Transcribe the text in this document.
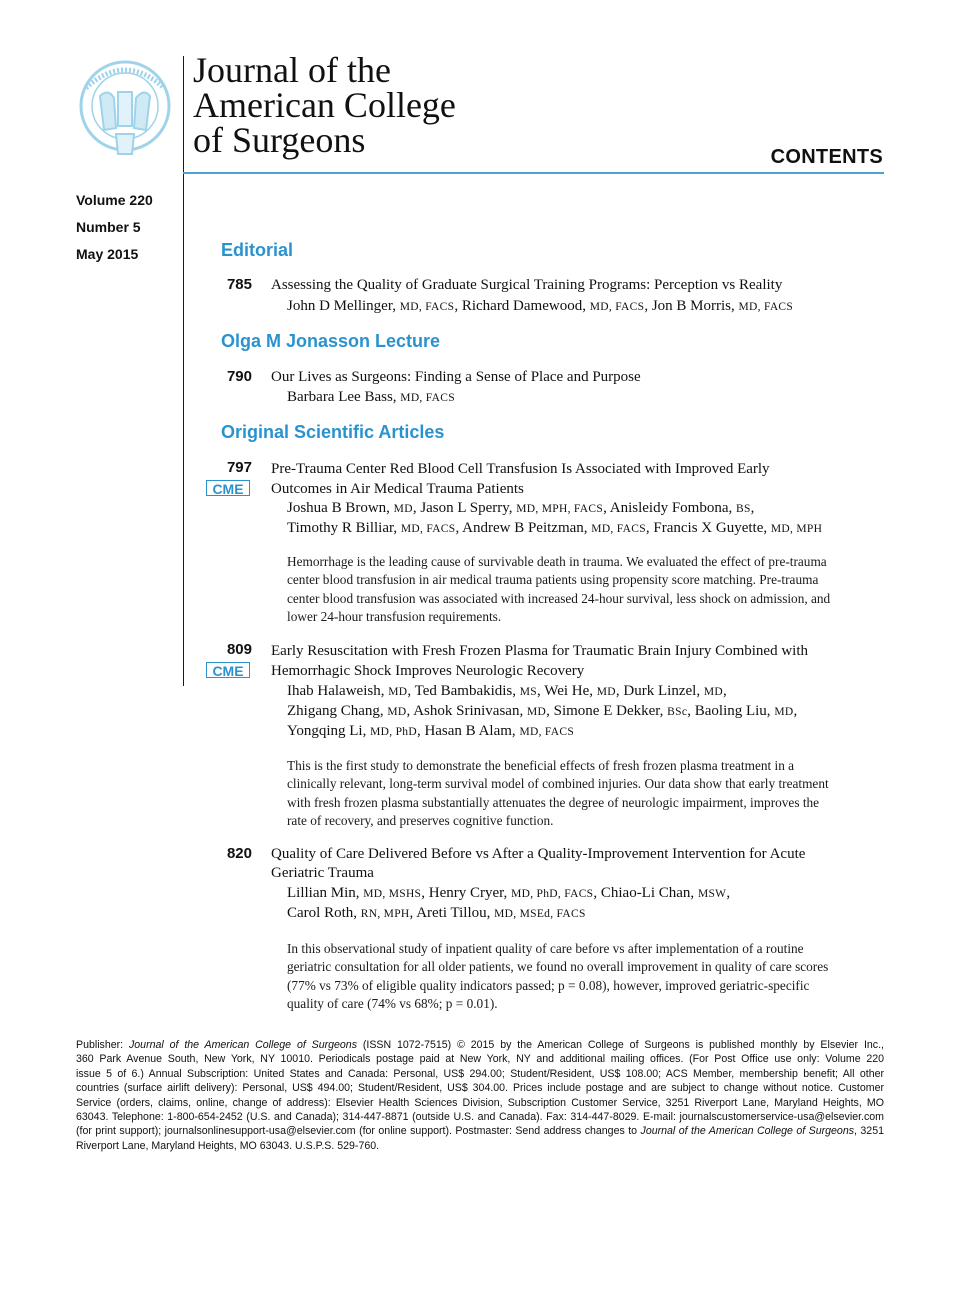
Journal of the
American College
of Surgeons	CONTENTS
Volume 220
Number 5
May 2015	Editorial
Olga M Jonasson Lecture
Original Scientific Articles
785 Assessing the Quality of Graduate Surgical Training Programs: Perception vs Reality
John D Mellinger, MD, FACS, Richard Damewood, MD, FACS, Jon B Morris, MD, FACS
790 Our Lives as Surgeons: Finding a Sense of Place and Purpose
Barbara Lee Bass, MD, FACS
797
CME
Pre-Trauma Center Red Blood Cell Transfusion Is Associated with Improved Early
Outcomes in Air Medical Trauma Patients
Joshua B Brown, MD, Jason L Sperry, MD, MPH, FACS, Anisleidy Fombona, BS,
Timothy R Billiar, MD, FACS, Andrew B Peitzman, MD, FACS, Francis X Guyette, MD, MPH
Hemorrhage is the leading cause of survivable death in trauma. We evaluated the effect of pre-trauma
center blood transfusion in air medical trauma patients using propensity score matching. Pre-trauma
center blood transfusion was associated with increased 24-hour survival, less shock on admission, and
lower 24-hour transfusion requirements.
809
CME
Early Resuscitation with Fresh Frozen Plasma for Traumatic Brain Injury Combined with
Hemorrhagic Shock Improves Neurologic Recovery
Ihab Halaweish, MD, Ted Bambakidis, MS, Wei He, MD, Durk Linzel, MD,
Zhigang Chang, MD, Ashok Srinivasan, MD, Simone E Dekker, BSc, Baoling Liu, MD,
Yongqing Li, MD, PhD, Hasan B Alam, MD, FACS
This is the first study to demonstrate the beneficial effects of fresh frozen plasma treatment in a
clinically relevant, long-term survival model of combined injuries. Our data show that early treatment
with fresh frozen plasma substantially attenuates the degree of neurologic impairment, improves the
rate of recovery, and preserves cognitive function.
820 Quality of Care Delivered Before vs After a Quality-Improvement Intervention for Acute
Geriatric Trauma
Lillian Min, MD, MSHS, Henry Cryer, MD, PhD, FACS, Chiao-Li Chan, MSW,
Carol Roth, RN, MPH, Areti Tillou, MD, MSEd, FACS
In this observational study of inpatient quality of care before vs after implementation of a routine
geriatric consultation for all older patients, we found no overall improvement in quality of care scores
(77% vs 73% of eligible quality indicators passed; p = 0.08), however, improved geriatric-specific
quality of care (74% vs 68%; p = 0.01).
Publisher: Journal of the American College of Surgeons (ISSN 1072-7515) © 2015 by the American College of Surgeons is published monthly by Elsevier Inc.,
360 Park Avenue South, New York, NY 10010. Periodicals postage paid at New York, NY and additional mailing offices. (For Post Office use only: Volume 220
issue 5 of 6.) Annual Subscription: United States and Canada: Personal, US$ 294.00; Student/Resident, US$ 108.00; ACS Member, membership benefit; All other
countries (surface airlift delivery): Personal, US$ 494.00; Student/Resident, US$ 304.00. Prices include postage and are subject to change without notice. Customer
Service (orders, claims, online, change of address): Elsevier Health Sciences Division, Subscription Customer Service, 3251 Riverport Lane, Maryland Heights, MO
63043. Telephone: 1-800-654-2452 (U.S. and Canada); 314-447-8871 (outside U.S. and Canada). Fax: 314-447-8029. E-mail: journalscustomerservice-usa@elsevier.com
(for print support); journalsonlinesupport-usa@elsevier.com (for online support). Postmaster: Send address changes to Journal of the American College of Surgeons, 3251
Riverport Lane, Maryland Heights, MO 63043. U.S.P.S. 529-760.
